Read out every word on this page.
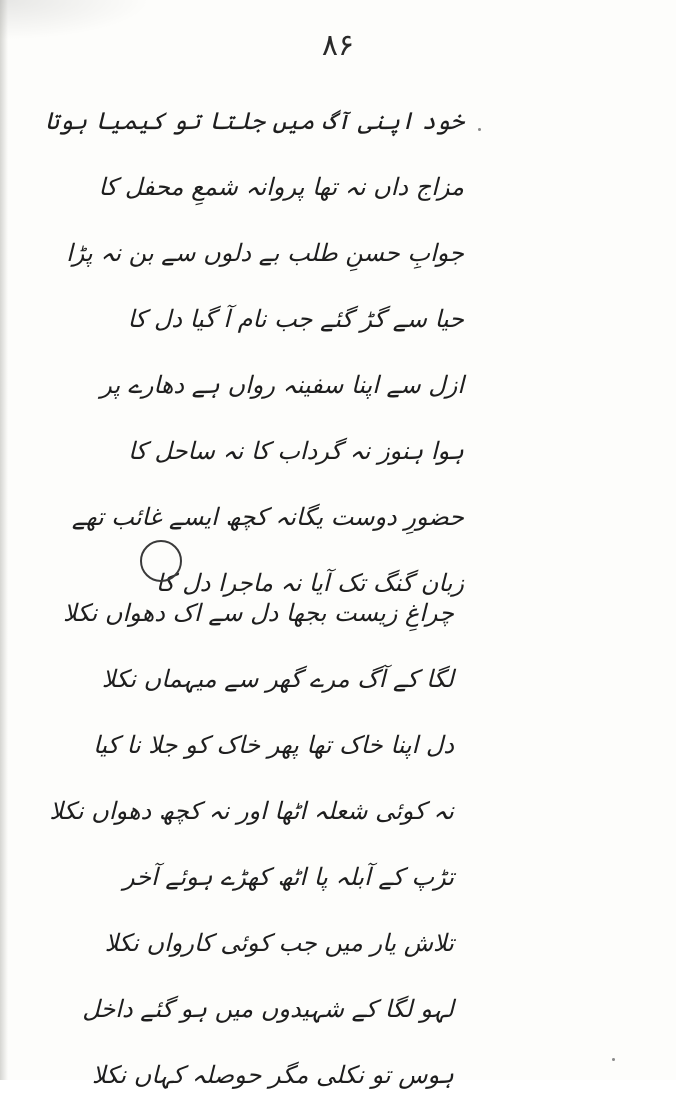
۸۶
خود اپنی آگ میں جلتا تو کیمیا ہوتا
مزاج داں نہ تھا پروانہ شمعِ محفل کا
جوابِ حسنِ طلب بے دلوں سے بن نہ پڑا
حیا سے گڑ گئے جب نام آ گیا دل کا
ازل سے اپنا سفینہ رواں ہے دھارے پر
ہوا ہنوز نہ گرداب کا نہ ساحل کا
حضورِ دوست یگانہ کچھ ایسے غائب تھے
زبان گنگ تک آیا نہ ماجرا دل کا
چراغِ زیست بجھا دل سے اک دھواں نکلا
لگا کے آگ مرے گھر سے میہماں نکلا
دل اپنا خاک تھا پھر خاک کو جلا نا کیا
نہ کوئی شعلہ اٹھا اور نہ کچھ دھواں نکلا
تڑپ کے آبلہ پا اٹھ کھڑے ہوئے آخر
تلاش یار میں جب کوئی کارواں نکلا
لہو لگا کے شہیدوں میں ہو گئے داخل
ہوس تو نکلی مگر حوصلہ کہاں نکلا
